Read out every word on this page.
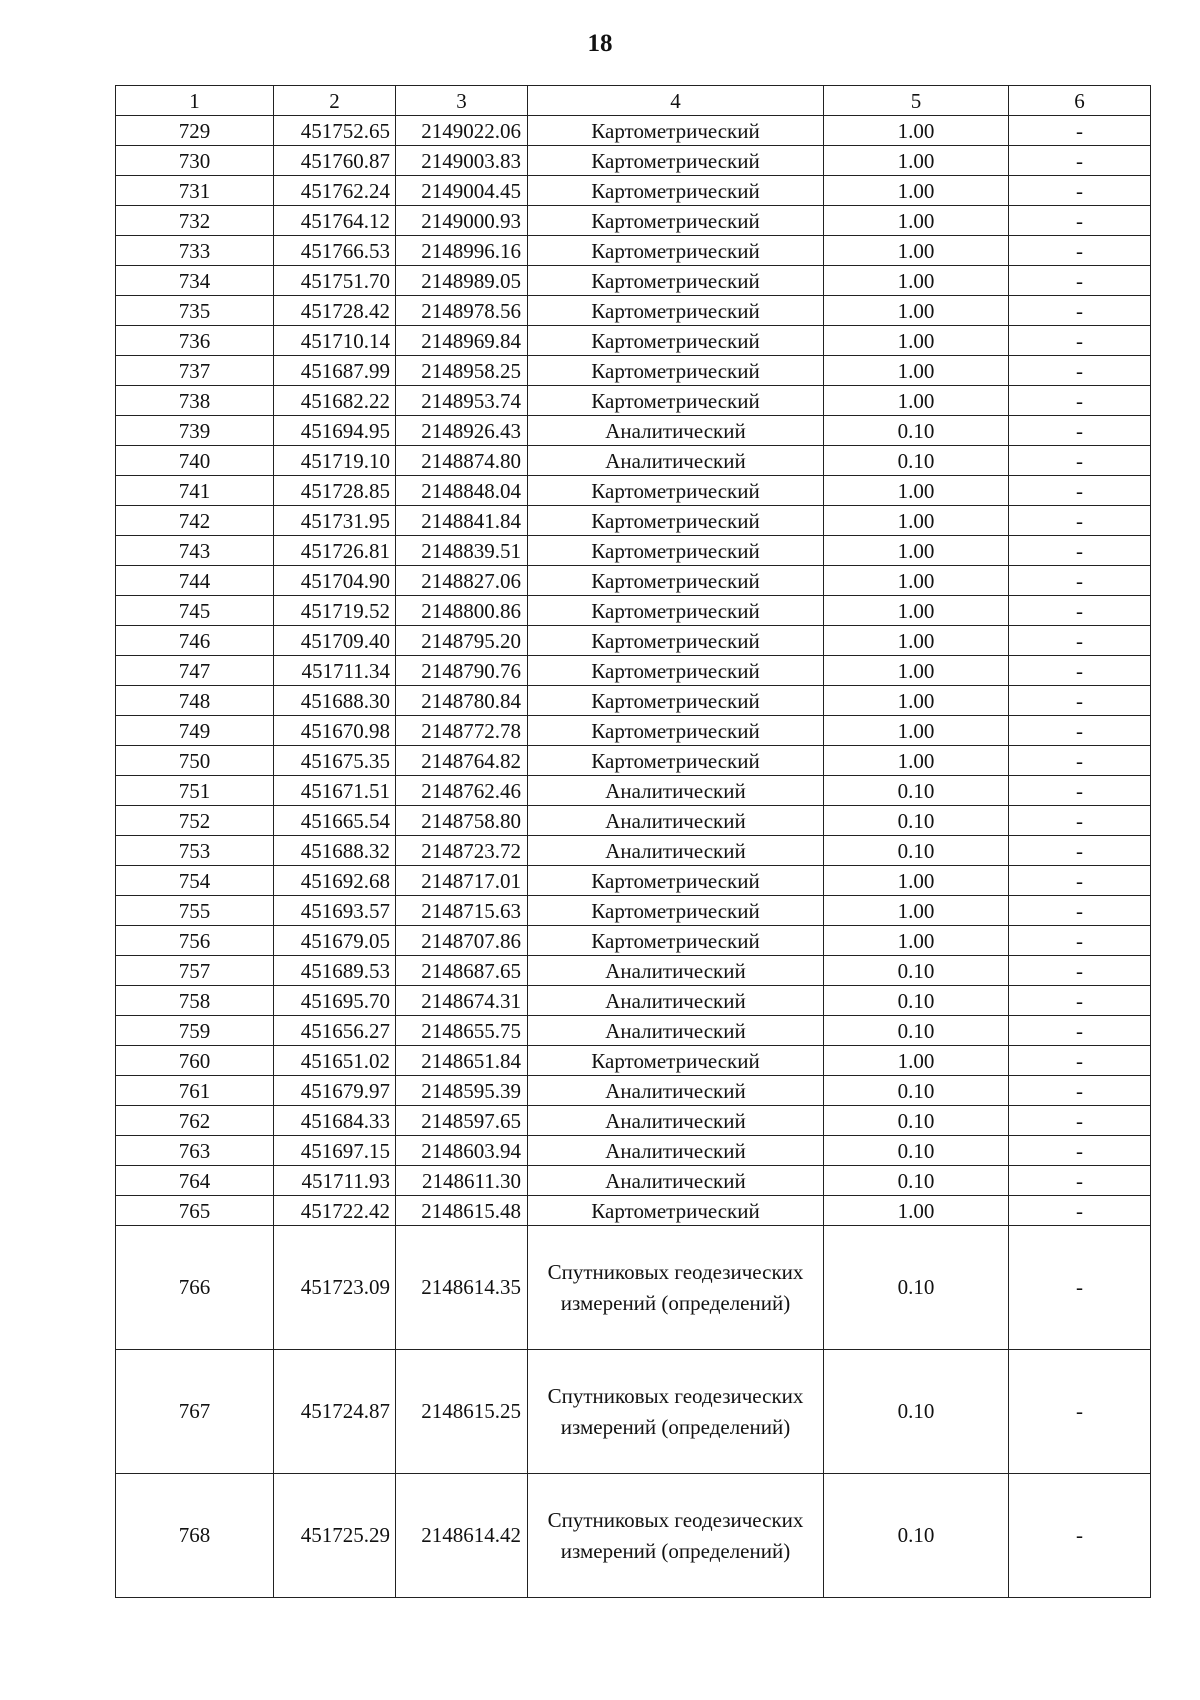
18
1	2	3	4	5	6
729	451752.65	2149022.06	Картометрический	1.00	-
730	451760.87	2149003.83	Картометрический	1.00	-
731	451762.24	2149004.45	Картометрический	1.00	-
732	451764.12	2149000.93	Картометрический	1.00	-
733	451766.53	2148996.16	Картометрический	1.00	-
734	451751.70	2148989.05	Картометрический	1.00	-
735	451728.42	2148978.56	Картометрический	1.00	-
736	451710.14	2148969.84	Картометрический	1.00	-
737	451687.99	2148958.25	Картометрический	1.00	-
738	451682.22	2148953.74	Картометрический	1.00	-
739	451694.95	2148926.43	Аналитический	0.10	-
740	451719.10	2148874.80	Аналитический	0.10	-
741	451728.85	2148848.04	Картометрический	1.00	-
742	451731.95	2148841.84	Картометрический	1.00	-
743	451726.81	2148839.51	Картометрический	1.00	-
744	451704.90	2148827.06	Картометрический	1.00	-
745	451719.52	2148800.86	Картометрический	1.00	-
746	451709.40	2148795.20	Картометрический	1.00	-
747	451711.34	2148790.76	Картометрический	1.00	-
748	451688.30	2148780.84	Картометрический	1.00	-
749	451670.98	2148772.78	Картометрический	1.00	-
750	451675.35	2148764.82	Картометрический	1.00	-
751	451671.51	2148762.46	Аналитический	0.10	-
752	451665.54	2148758.80	Аналитический	0.10	-
753	451688.32	2148723.72	Аналитический	0.10	-
754	451692.68	2148717.01	Картометрический	1.00	-
755	451693.57	2148715.63	Картометрический	1.00	-
756	451679.05	2148707.86	Картометрический	1.00	-
757	451689.53	2148687.65	Аналитический	0.10	-
758	451695.70	2148674.31	Аналитический	0.10	-
759	451656.27	2148655.75	Аналитический	0.10	-
760	451651.02	2148651.84	Картометрический	1.00	-
761	451679.97	2148595.39	Аналитический	0.10	-
762	451684.33	2148597.65	Аналитический	0.10	-
763	451697.15	2148603.94	Аналитический	0.10	-
764	451711.93	2148611.30	Аналитический	0.10	-
765	451722.42	2148615.48	Картометрический	1.00	-
766	451723.09	2148614.35	Спутниковых геодезических измерений (определений)	0.10	-
767	451724.87	2148615.25	Спутниковых геодезических измерений (определений)	0.10	-
768	451725.29	2148614.42	Спутниковых геодезических измерений (определений)	0.10	-
